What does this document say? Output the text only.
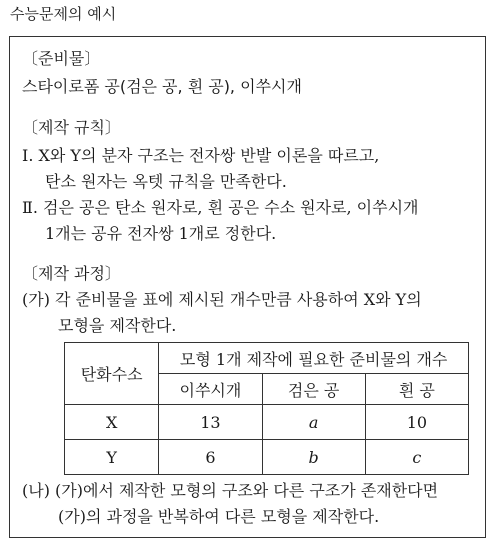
수능문제의 예시
〔준비물〕
스타이로폼 공(검은 공, 흰 공), 이쑤시개
〔제작 규칙〕
Ⅰ. X와 Y의 분자 구조는 전자쌍 반발 이론을 따르고,
탄소 원자는 옥텟 규칙을 만족한다.
Ⅱ. 검은 공은 탄소 원자로, 흰 공은 수소 원자로, 이쑤시개
1개는 공유 전자쌍 1개로 정한다.
〔제작 과정〕
(가) 각 준비물을 표에 제시된 개수만큼 사용하여 X와 Y의
모형을 제작한다.
탄화수소	모형 1개 제작에 필요한 준비물의 개수		
	이쑤시개	검은 공	흰 공
X	13	a	10
Y	6	b	c
(나) (가)에서 제작한 모형의 구조와 다른 구조가 존재한다면
(가)의 과정을 반복하여 다른 모형을 제작한다.
